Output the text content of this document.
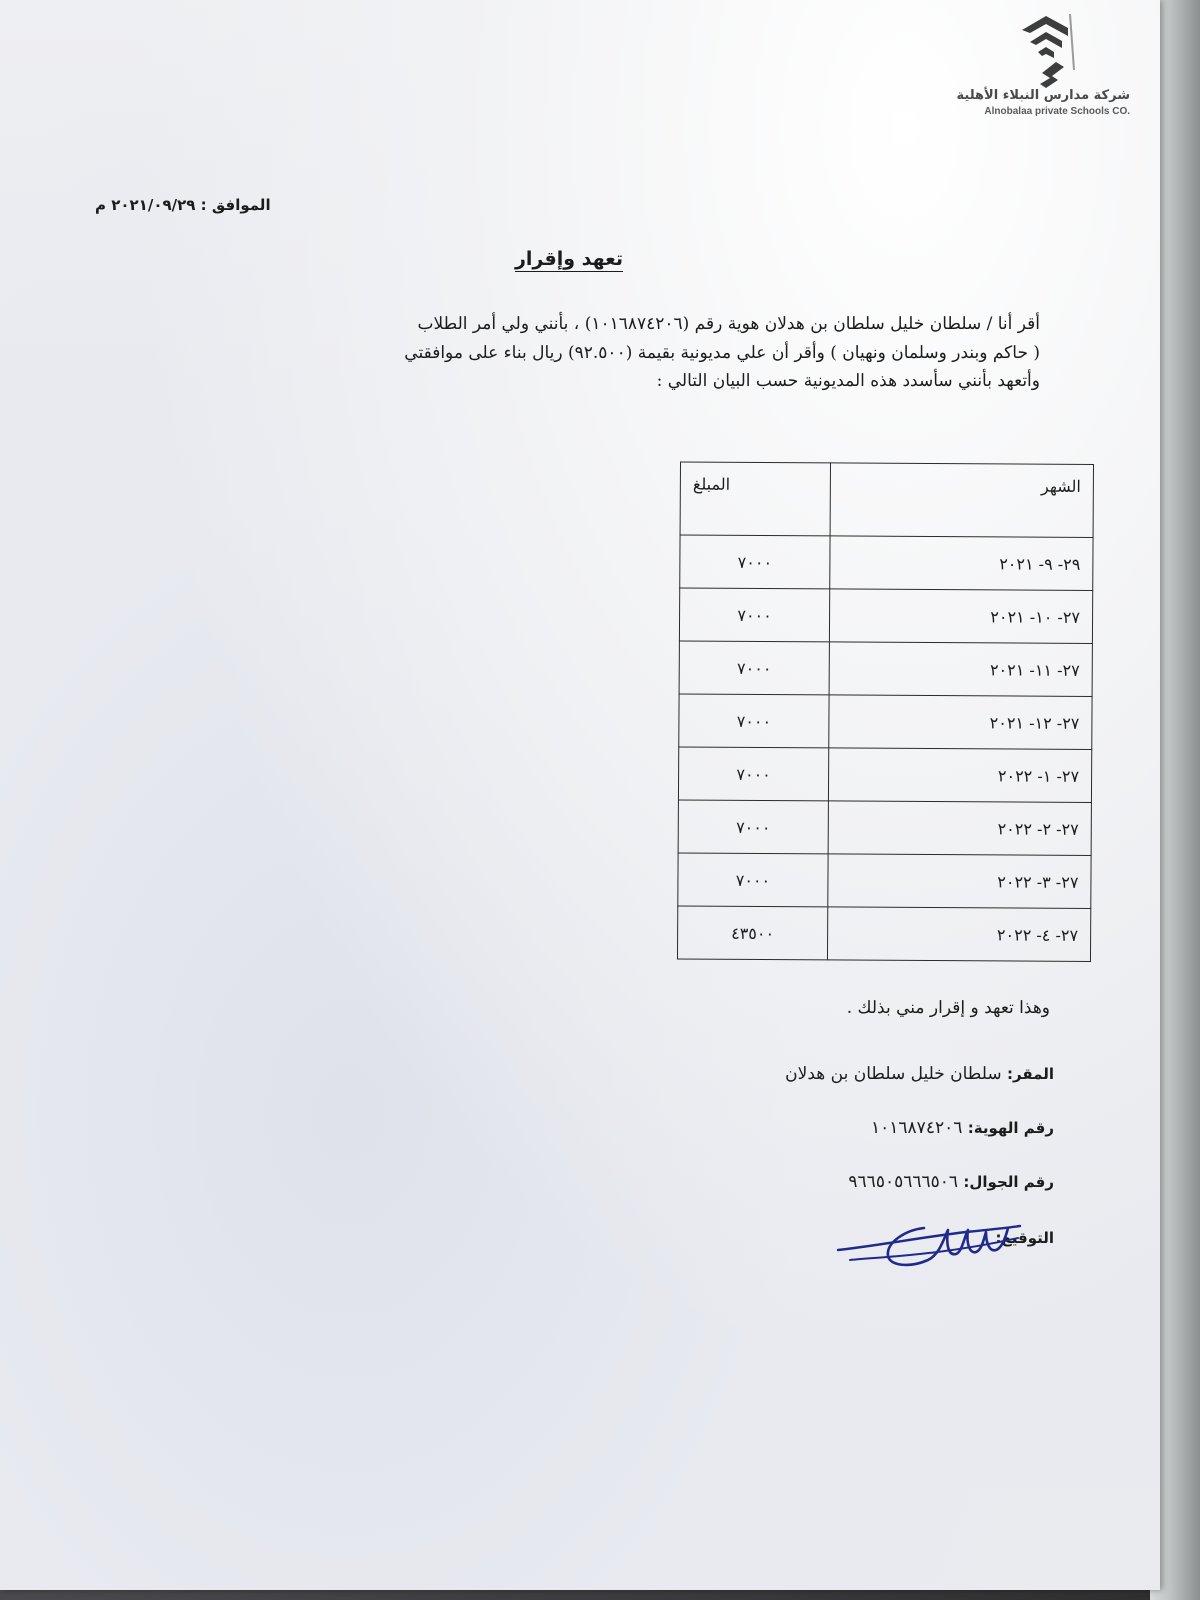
شركة مدارس النبلاء الأهلية
Alnobalaa private Schools CO.
الموافق : ٢٠٢١/٠٩/٢٩ م
تعهد وإقرار

أقر أنا / سلطان خليل سلطان بن هدلان هوية رقم (١٠١٦٨٧٤٢٠٦) ، بأنني ولي أمر الطلاب

( حاكم وبندر وسلمان ونهيان ) وأقر أن علي مديونية بقيمة (٩٢.٥٠٠) ريال بناء على موافقتي

وأتعهد بأنني سأسدد هذه المديونية حسب البيان التالي :

الشهر	المبلغ
٢٩- ٩- ٢٠٢١	٧٠٠٠
٢٧- ١٠- ٢٠٢١	٧٠٠٠
٢٧- ١١- ٢٠٢١	٧٠٠٠
٢٧- ١٢- ٢٠٢١	٧٠٠٠
٢٧- ١- ٢٠٢٢	٧٠٠٠
٢٧- ٢- ٢٠٢٢	٧٠٠٠
٢٧- ٣- ٢٠٢٢	٧٠٠٠
٢٧- ٤- ٢٠٢٢	٤٣٥٠٠
وهذا تعهد و إقرار مني بذلك .
المقر: سلطان خليل سلطان بن هدلان
رقم الهوية: ١٠١٦٨٧٤٢٠٦
رقم الجوال: ٩٦٦٥٠٥٦٦٦٥٠٦
التوقيع:
